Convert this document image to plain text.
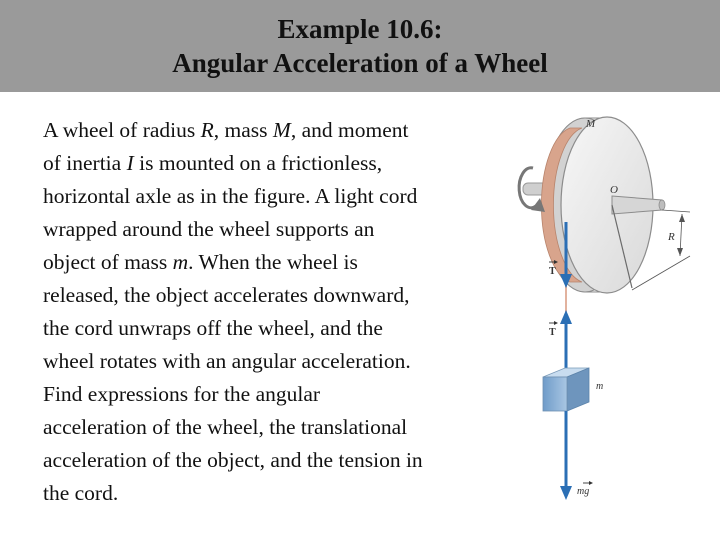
Example 10.6:
Angular Acceleration of a Wheel
A wheel of radius R, mass M, and moment
of inertia I is mounted on a frictionless,
horizontal axle as in the figure. A light cord
wrapped around the wheel supports an
object of mass m. When the wheel is
released, the object accelerates downward,
the cord unwraps off the wheel, and the
wheel rotates with an angular acceleration.
Find expressions for the angular
acceleration of the wheel, the translational
acceleration of the object, and the tension in
the cord.
M
O
R
T
T
m
mg
